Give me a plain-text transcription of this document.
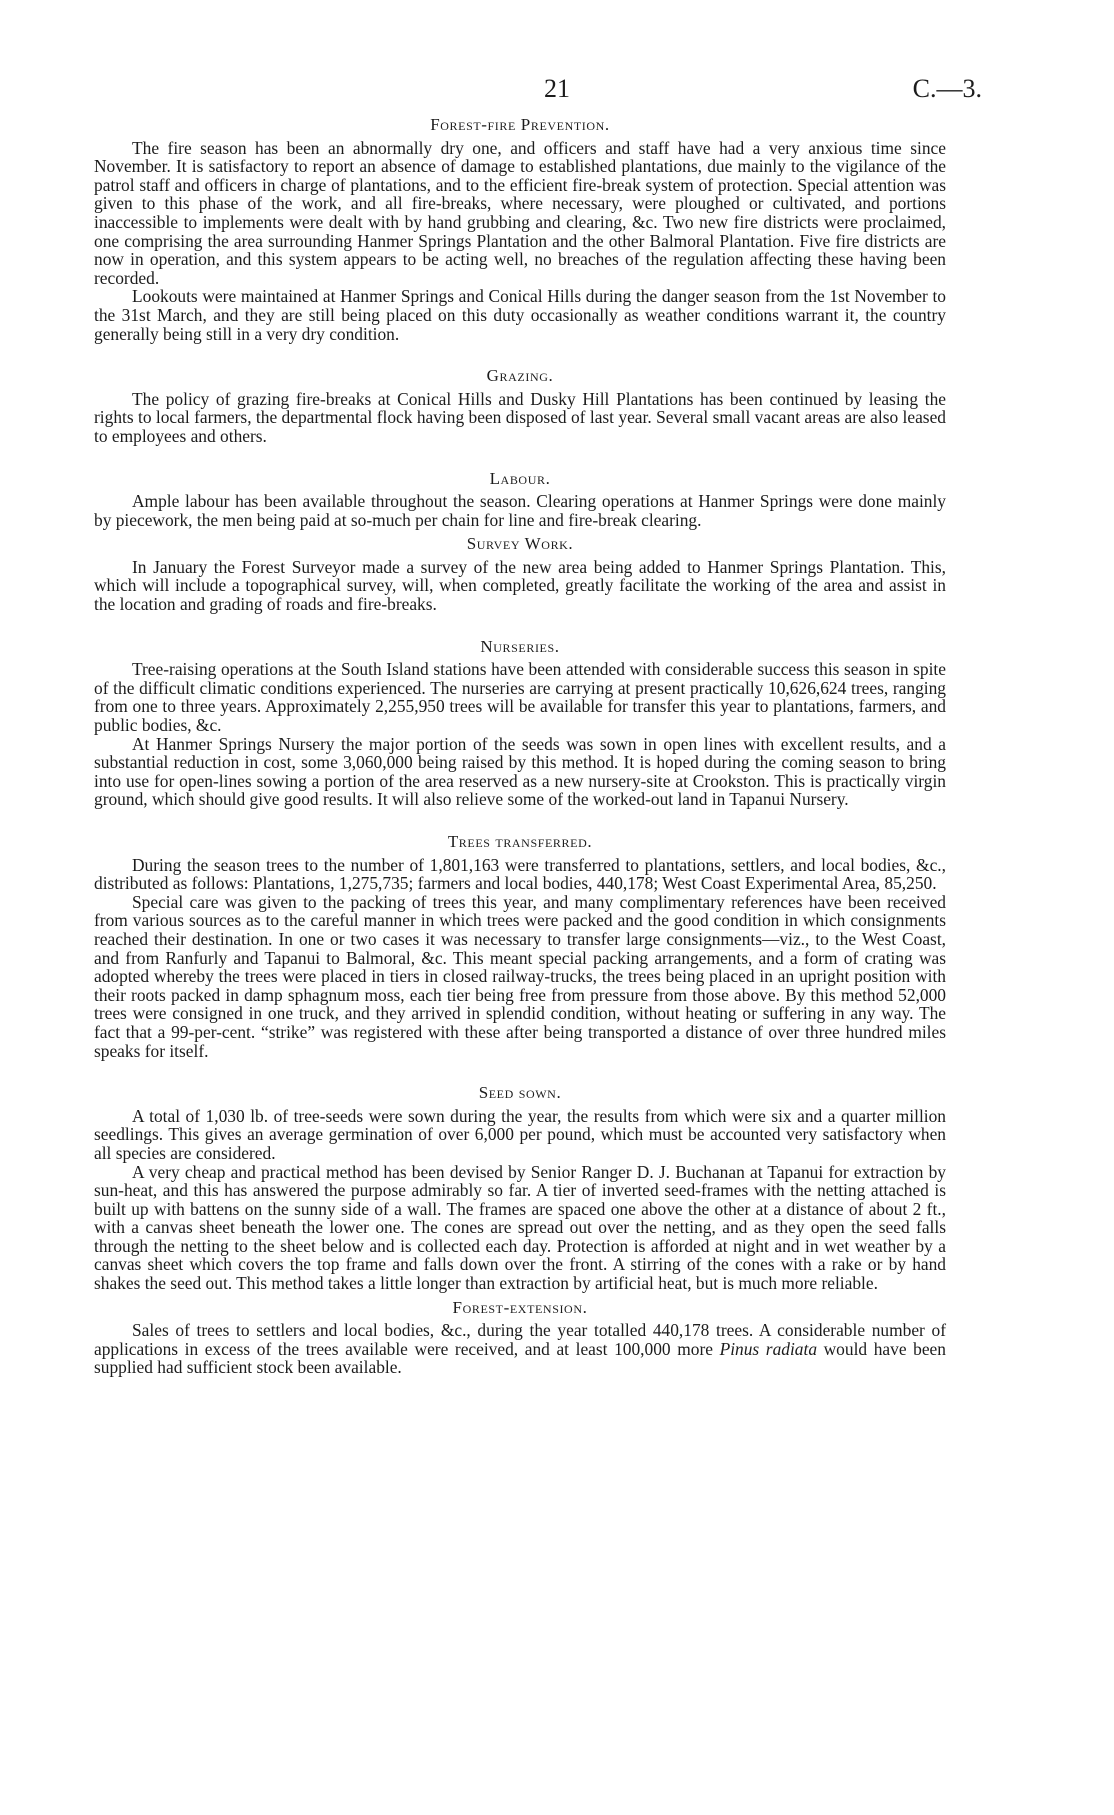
21	C.—3.
Forest-fire Prevention.

The fire season has been an abnormally dry one, and officers and staff have had a very anxious time since November. It is satisfactory to report an absence of damage to established plantations, due mainly to the vigilance of the patrol staff and officers in charge of plantations, and to the efficient fire-break system of protection. Special attention was given to this phase of the work, and all fire-breaks, where necessary, were ploughed or cultivated, and portions inaccessible to implements were dealt with by hand grubbing and clearing, &c. Two new fire districts were proclaimed, one comprising the area surrounding Hanmer Springs Plantation and the other Balmoral Plantation. Five fire districts are now in operation, and this system appears to be acting well, no breaches of the regulation affecting these having been recorded.

Lookouts were maintained at Hanmer Springs and Conical Hills during the danger season from the 1st November to the 31st March, and they are still being placed on this duty occasionally as weather conditions warrant it, the country generally being still in a very dry condition.

Grazing.

The policy of grazing fire-breaks at Conical Hills and Dusky Hill Plantations has been continued by leasing the rights to local farmers, the departmental flock having been disposed of last year. Several small vacant areas are also leased to employees and others.

Labour.

Ample labour has been available throughout the season. Clearing operations at Hanmer Springs were done mainly by piecework, the men being paid at so-much per chain for line and fire-break clearing.

Survey Work.

In January the Forest Surveyor made a survey of the new area being added to Hanmer Springs Plantation. This, which will include a topographical survey, will, when completed, greatly facilitate the working of the area and assist in the location and grading of roads and fire-breaks.

Nurseries.

Tree-raising operations at the South Island stations have been attended with considerable success this season in spite of the difficult climatic conditions experienced. The nurseries are carrying at present practically 10,626,624 trees, ranging from one to three years. Approximately 2,255,950 trees will be available for transfer this year to plantations, farmers, and public bodies, &c.

At Hanmer Springs Nursery the major portion of the seeds was sown in open lines with excellent results, and a substantial reduction in cost, some 3,060,000 being raised by this method. It is hoped during the coming season to bring into use for open-lines sowing a portion of the area reserved as a new nursery-site at Crookston. This is practically virgin ground, which should give good results. It will also relieve some of the worked-out land in Tapanui Nursery.

Trees transferred.

During the season trees to the number of 1,801,163 were transferred to plantations, settlers, and local bodies, &c., distributed as follows: Plantations, 1,275,735; farmers and local bodies, 440,178; West Coast Experimental Area, 85,250.

Special care was given to the packing of trees this year, and many complimentary references have been received from various sources as to the careful manner in which trees were packed and the good condition in which consignments reached their destination. In one or two cases it was necessary to transfer large consignments—viz., to the West Coast, and from Ranfurly and Tapanui to Balmoral, &c. This meant special packing arrangements, and a form of crating was adopted whereby the trees were placed in tiers in closed railway-trucks, the trees being placed in an upright position with their roots packed in damp sphagnum moss, each tier being free from pressure from those above. By this method 52,000 trees were consigned in one truck, and they arrived in splendid condition, without heating or suffering in any way. The fact that a 99-per-cent. “strike” was registered with these after being transported a distance of over three hundred miles speaks for itself.

Seed sown.

A total of 1,030 lb. of tree-seeds were sown during the year, the results from which were six and a quarter million seedlings. This gives an average germination of over 6,000 per pound, which must be accounted very satisfactory when all species are considered.

A very cheap and practical method has been devised by Senior Ranger D. J. Buchanan at Tapanui for extraction by sun-heat, and this has answered the purpose admirably so far. A tier of inverted seed-frames with the netting attached is built up with battens on the sunny side of a wall. The frames are spaced one above the other at a distance of about 2 ft., with a canvas sheet beneath the lower one. The cones are spread out over the netting, and as they open the seed falls through the netting to the sheet below and is collected each day. Protection is afforded at night and in wet weather by a canvas sheet which covers the top frame and falls down over the front. A stirring of the cones with a rake or by hand shakes the seed out. This method takes a little longer than extraction by artificial heat, but is much more reliable.

Forest-extension.

Sales of trees to settlers and local bodies, &c., during the year totalled 440,178 trees. A considerable number of applications in excess of the trees available were received, and at least 100,000 more Pinus radiata would have been supplied had sufficient stock been available.
